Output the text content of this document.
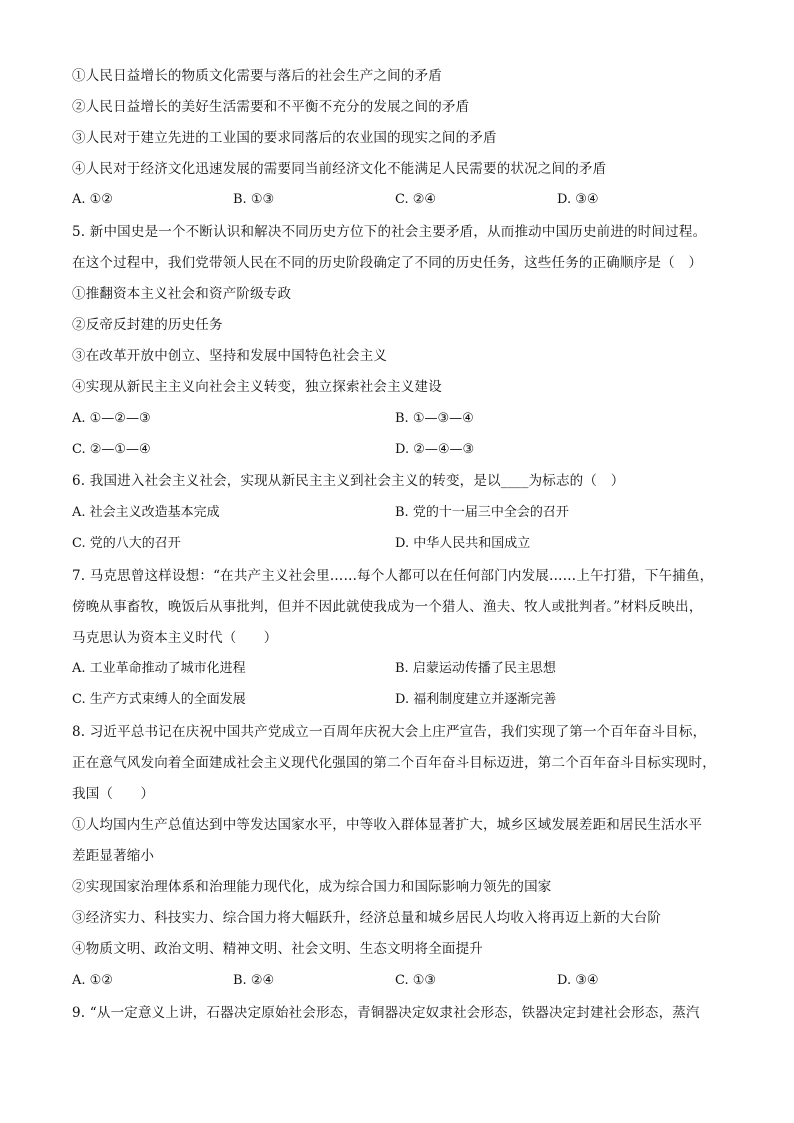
①人民日益增长的物质文化需要与落后的社会生产之间的矛盾
②人民日益增长的美好生活需要和不平衡不充分的发展之间的矛盾
③人民对于建立先进的工业国的要求同落后的农业国的现实之间的矛盾
④人民对于经济文化迅速发展的需要同当前经济文化不能满足人民需要的状况之间的矛盾
A. ①②	B. ①③	C. ②④	D. ③④
5. 新中国史是一个不断认识和解决不同历史方位下的社会主要矛盾，从而推动中国历史前进的时间过程。
在这个过程中，我们党带领人民在不同的历史阶段确定了不同的历史任务，这些任务的正确顺序是（　）
①推翻资本主义社会和资产阶级专政
②反帝反封建的历史任务
③在改革开放中创立、坚持和发展中国特色社会主义
④实现从新民主主义向社会主义转变，独立探索社会主义建设
A. ①—②—③	B. ①—③—④
C. ②—①—④	D. ②—④—③
6. 我国进入社会主义社会，实现从新民主主义到社会主义的转变，是以____为标志的（　）
A. 社会主义改造基本完成	B. 党的十一届三中全会的召开
C. 党的八大的召开	D. 中华人民共和国成立
7. 马克思曾这样设想：“在共产主义社会里……每个人都可以在任何部门内发展……上午打猎，下午捕鱼，
傍晚从事畜牧，晚饭后从事批判，但并不因此就使我成为一个猎人、渔夫、牧人或批判者。”材料反映出，
马克思认为资本主义时代（　　）
A. 工业革命推动了城市化进程	B. 启蒙运动传播了民主思想
C. 生产方式束缚人的全面发展	D. 福利制度建立并逐渐完善
8. 习近平总书记在庆祝中国共产党成立一百周年庆祝大会上庄严宣告，我们实现了第一个百年奋斗目标，
正在意气风发向着全面建成社会主义现代化强国的第二个百年奋斗目标迈进，第二个百年奋斗目标实现时，
我国（　　）
①人均国内生产总值达到中等发达国家水平，中等收入群体显著扩大，城乡区域发展差距和居民生活水平
差距显著缩小
②实现国家治理体系和治理能力现代化，成为综合国力和国际影响力领先的国家
③经济实力、科技实力、综合国力将大幅跃升，经济总量和城乡居民人均收入将再迈上新的大台阶
④物质文明、政治文明、精神文明、社会文明、生态文明将全面提升
A. ①②	B. ②④	C. ①③	D. ③④
9. “从一定意义上讲，石器决定原始社会形态，青铜器决定奴隶社会形态，铁器决定封建社会形态，蒸汽
